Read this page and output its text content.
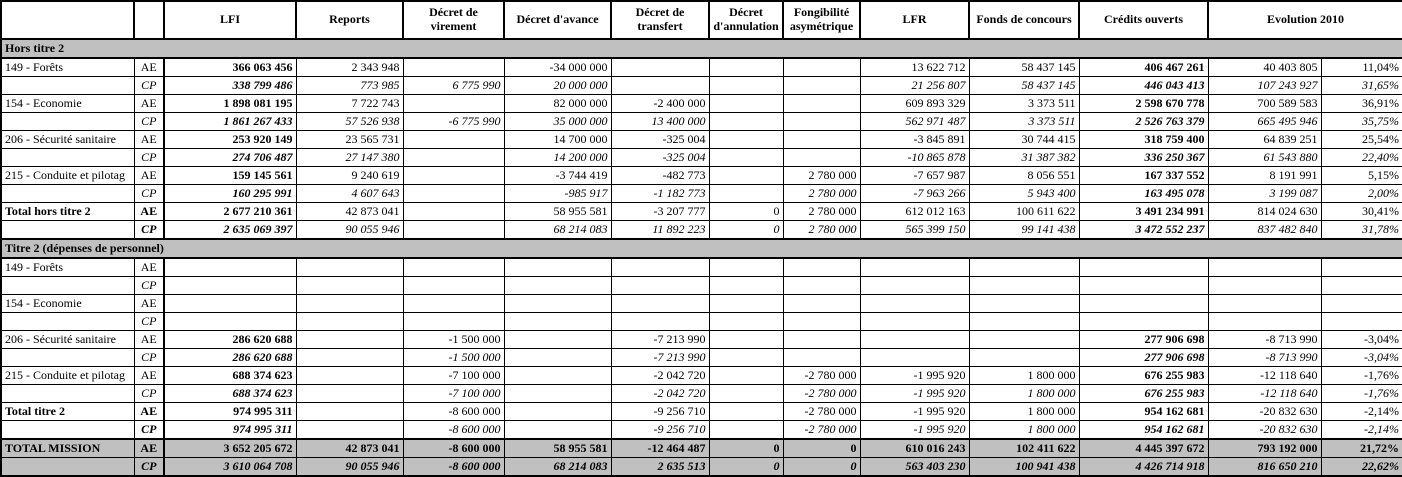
		LFI	Reports	Décret de virement	Décret d'avance	Décret de transfert	Décret d'annulation	Fongibilité asymétrique	LFR	Fonds de concours	Crédits ouverts	Evolution 2010	
Hors titre 2													
149 - Forêts	AE	366 063 456	2 343 948		-34 000 000				13 622 712	58 437 145	406 467 261	40 403 805	11,04%
	CP	338 799 486	773 985	6 775 990	20 000 000				21 256 807	58 437 145	446 043 413	107 243 927	31,65%
154 - Economie	AE	1 898 081 195	7 722 743		82 000 000	-2 400 000			609 893 329	3 373 511	2 598 670 778	700 589 583	36,91%
	CP	1 861 267 433	57 526 938	-6 775 990	35 000 000	13 400 000			562 971 487	3 373 511	2 526 763 379	665 495 946	35,75%
206 - Sécurité sanitaire	AE	253 920 149	23 565 731		14 700 000	-325 004			-3 845 891	30 744 415	318 759 400	64 839 251	25,54%
	CP	274 706 487	27 147 380		14 200 000	-325 004			-10 865 878	31 387 382	336 250 367	61 543 880	22,40%
215 - Conduite et pilotag	AE	159 145 561	9 240 619		-3 744 419	-482 773		2 780 000	-7 657 987	8 056 551	167 337 552	8 191 991	5,15%
	CP	160 295 991	4 607 643		-985 917	-1 182 773		2 780 000	-7 963 266	5 943 400	163 495 078	3 199 087	2,00%
Total hors titre 2	AE	2 677 210 361	42 873 041		58 955 581	-3 207 777	0	2 780 000	612 012 163	100 611 622	3 491 234 991	814 024 630	30,41%
	CP	2 635 069 397	90 055 946		68 214 083	11 892 223	0	2 780 000	565 399 150	99 141 438	3 472 552 237	837 482 840	31,78%
Titre 2 (dépenses de personnel)													
149 - Forêts	AE												
	CP												
154 - Economie	AE												
	CP												
206 - Sécurité sanitaire	AE	286 620 688		-1 500 000		-7 213 990					277 906 698	-8 713 990	-3,04%
	CP	286 620 688		-1 500 000		-7 213 990					277 906 698	-8 713 990	-3,04%
215 - Conduite et pilotag	AE	688 374 623		-7 100 000		-2 042 720		-2 780 000	-1 995 920	1 800 000	676 255 983	-12 118 640	-1,76%
	CP	688 374 623		-7 100 000		-2 042 720		-2 780 000	-1 995 920	1 800 000	676 255 983	-12 118 640	-1,76%
Total titre 2	AE	974 995 311		-8 600 000		-9 256 710		-2 780 000	-1 995 920	1 800 000	954 162 681	-20 832 630	-2,14%
	CP	974 995 311		-8 600 000		-9 256 710		-2 780 000	-1 995 920	1 800 000	954 162 681	-20 832 630	-2,14%
TOTAL MISSION	AE	3 652 205 672	42 873 041	-8 600 000	58 955 581	-12 464 487	0	0	610 016 243	102 411 622	4 445 397 672	793 192 000	21,72%
	CP	3 610 064 708	90 055 946	-8 600 000	68 214 083	2 635 513	0	0	563 403 230	100 941 438	4 426 714 918	816 650 210	22,62%
